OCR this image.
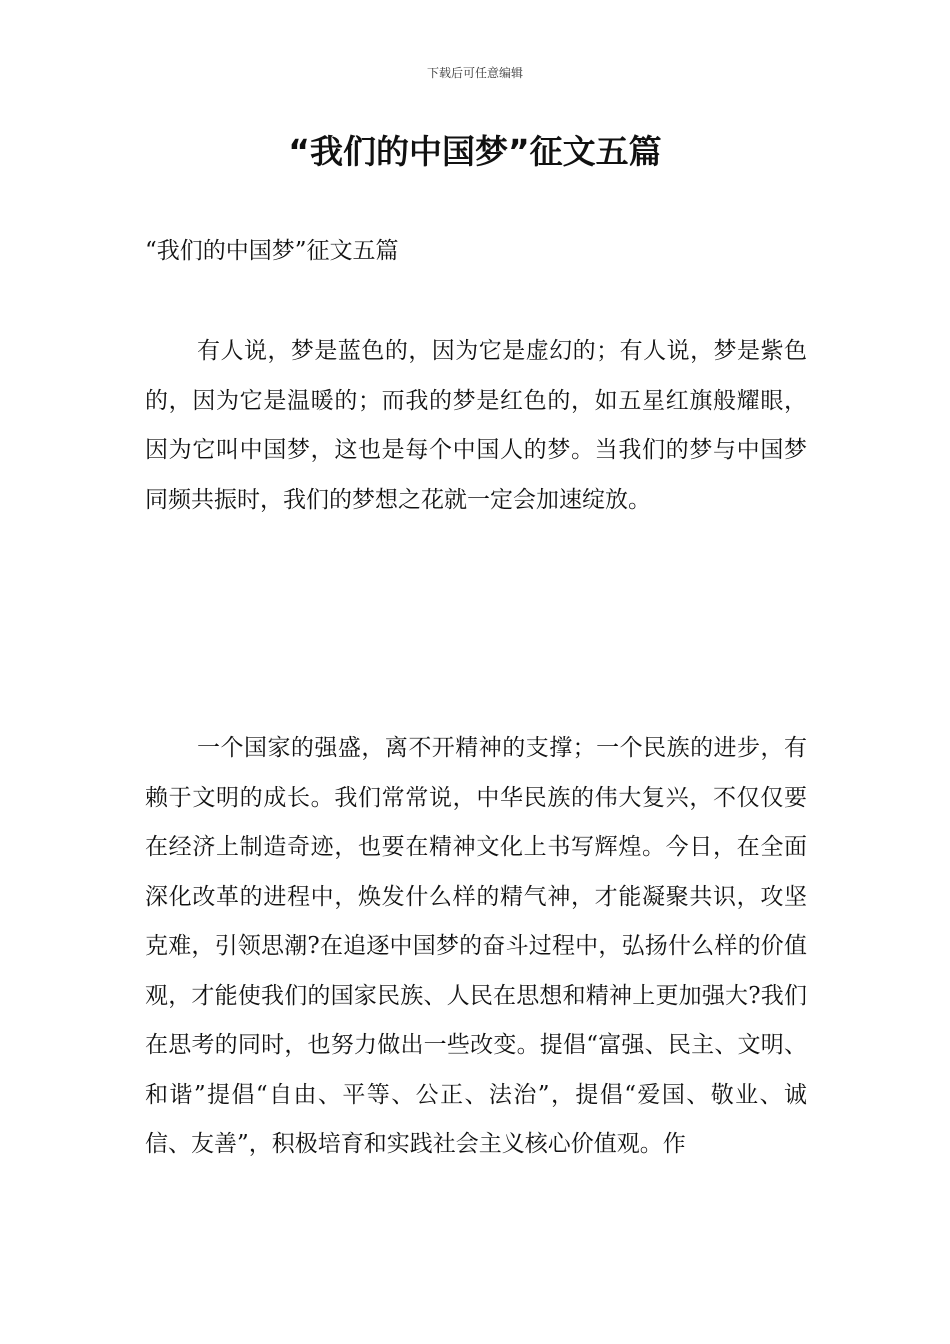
下载后可任意编辑
“我们的中国梦”征文五篇

“我们的中国梦”征文五篇

有人说，梦是蓝色的，因为它是虚幻的；有人说，梦是紫色的，因为它是温暖的；而我的梦是红色的，如五星红旗般耀眼，因为它叫中国梦，这也是每个中国人的梦。当我们的梦与中国梦同频共振时，我们的梦想之花就一定会加速绽放。

一个国家的强盛，离不开精神的支撑；一个民族的进步，有赖于文明的成长。我们常常说，中华民族的伟大复兴，不仅仅要在经济上制造奇迹，也要在精神文化上书写辉煌。今日，在全面深化改革的进程中，焕发什么样的精气神，才能凝聚共识，攻坚克难，引领思潮?在追逐中国梦的奋斗过程中，弘扬什么样的价值观，才能使我们的国家民族、人民在思想和精神上更加强大?我们在思考的同时，也努力做出一些改变。提倡“富强、民主、文明、和谐”提倡“自由、平等、公正、法治”，提倡“爱国、敬业、诚信、友善”，积极培育和实践社会主义核心价值观。作
